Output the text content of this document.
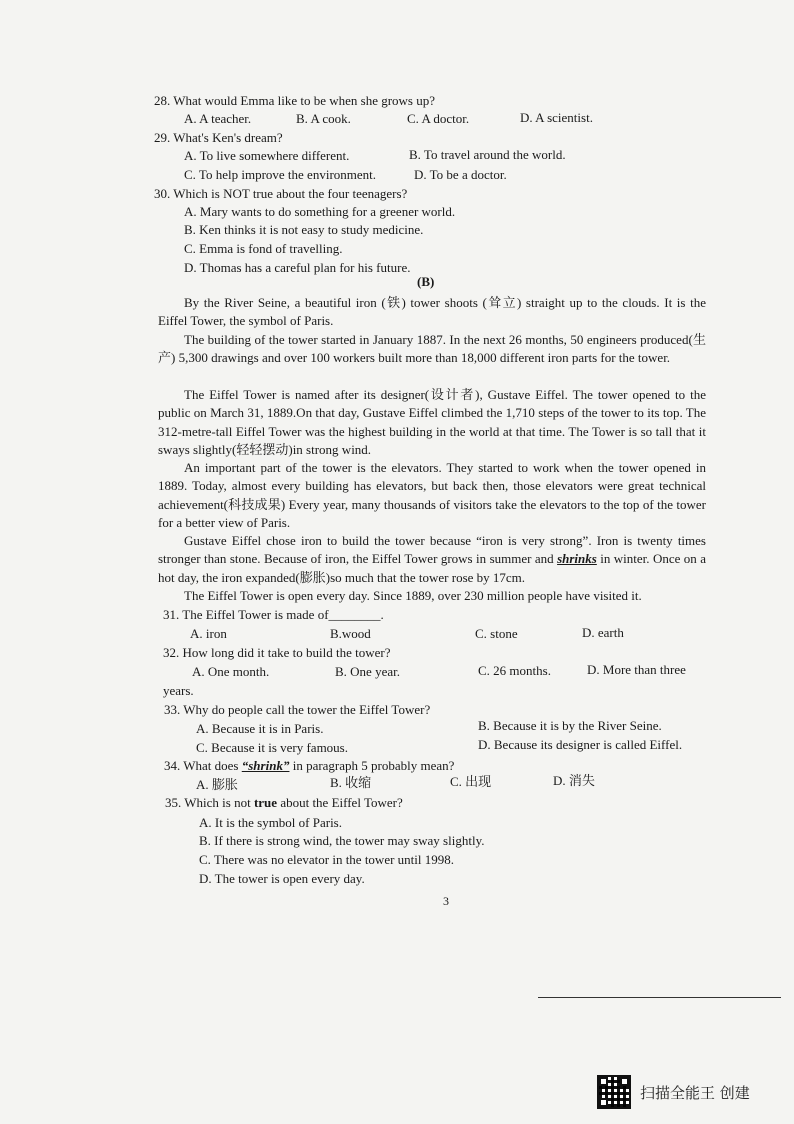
28. What would Emma like to be when she grows up?
A. A teacher.	B. A cook.	C. A doctor.	D. A scientist.
29. What's Ken's dream?
A. To live somewhere different.	B. To travel around the world.
C. To help improve the environment.	D. To be a doctor.
30. Which is NOT true about the four teenagers?
A. Mary wants to do something for a greener world.
B. Ken thinks it is not easy to study medicine.
C. Emma is fond of travelling.
D. Thomas has a careful plan for his future.
(B)
By the River Seine, a beautiful iron (铁) tower shoots (耸立) straight up to the clouds. It is the Eiffel Tower, the symbol of Paris.
The building of the tower started in January 1887. In the next 26 months, 50 engineers produced(生产) 5,300 drawings and over 100 workers built more than 18,000 different iron parts for the tower.
The Eiffel Tower is named after its designer(设计者), Gustave Eiffel. The tower opened to the public on March 31, 1889.On that day, Gustave Eiffel climbed the 1,710 steps of the tower to its top. The 312-metre-tall Eiffel Tower was the highest building in the world at that time. The Tower is so tall that it sways slightly(轻轻摆动)in strong wind.
An important part of the tower is the elevators. They started to work when the tower opened in 1889. Today, almost every building has elevators, but back then, those elevators were great technical achievement(科技成果) Every year, many thousands of visitors take the elevators to the top of the tower for a better view of Paris.
Gustave Eiffel chose iron to build the tower because “iron is very strong”. Iron is twenty times stronger than stone. Because of iron, the Eiffel Tower grows in summer and shrinks in winter. Once on a hot day, the iron expanded(膨胀)so much that the tower rose by 17cm.
The Eiffel Tower is open every day. Since 1889, over 230 million people have visited it.
31. The Eiffel Tower is made of________.
A. iron	B.wood	C. stone	D. earth
32. How long did it take to build the tower?
A. One month.	B. One year.	C. 26 months.	D. More than three
years.
33. Why do people call the tower the Eiffel Tower?
A. Because it is in Paris.	B. Because it is by the River Seine.
C. Because it is very famous.	D. Because its designer is called Eiffel.
34. What does “shrink” in paragraph 5 probably mean?
A. 膨胀	B. 收缩	C. 出现	D. 消失
35. Which is not true about the Eiffel Tower?
A. It is the symbol of Paris.
B. If there is strong wind, the tower may sway slightly.
C. There was no elevator in the tower until 1998.
D. The tower is open every day.
3
扫描全能王 创建
